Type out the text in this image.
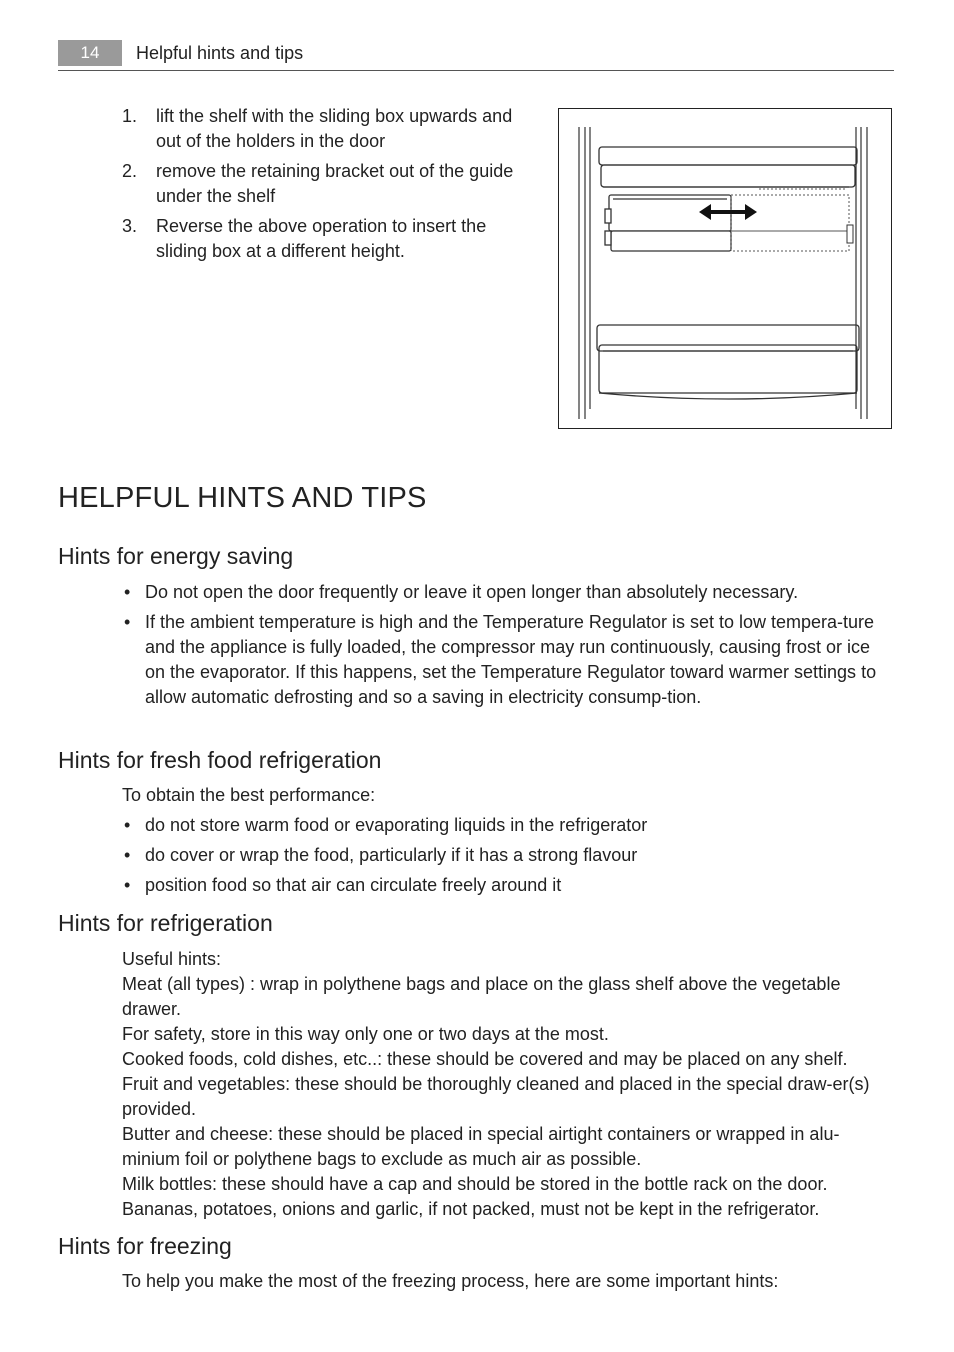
14	Helpful hints and tips
1. lift the shelf with the sliding box upwards and out of the holders in the door
2. remove the retaining bracket out of the guide under the shelf
3. Reverse the above operation to insert the sliding box at a different height.
HELPFUL HINTS AND TIPS
Hints for energy saving
• Do not open the door frequently or leave it open longer than absolutely necessary.
• If the ambient temperature is high and the Temperature Regulator is set to low tempera-ture and the appliance is fully loaded, the compressor may run continuously, causing frost or ice on the evaporator. If this happens, set the Temperature Regulator toward warmer settings to allow automatic defrosting and so a saving in electricity consump-tion.
Hints for fresh food refrigeration

To obtain the best performance:

• do not store warm food or evaporating liquids in the refrigerator
• do cover or wrap the food, particularly if it has a strong flavour
• position food so that air can circulate freely around it
Hints for refrigeration
Useful hints:
Meat (all types) : wrap in polythene bags and place on the glass shelf above the vegetable drawer.
For safety, store in this way only one or two days at the most.
Cooked foods, cold dishes, etc..: these should be covered and may be placed on any shelf.
Fruit and vegetables: these should be thoroughly cleaned and placed in the special draw-er(s) provided.
Butter and cheese: these should be placed in special airtight containers or wrapped in alu-minium foil or polythene bags to exclude as much air as possible.
Milk bottles: these should have a cap and should be stored in the bottle rack on the door.
Bananas, potatoes, onions and garlic, if not packed, must not be kept in the refrigerator.
Hints for freezing

To help you make the most of the freezing process, here are some important hints:
